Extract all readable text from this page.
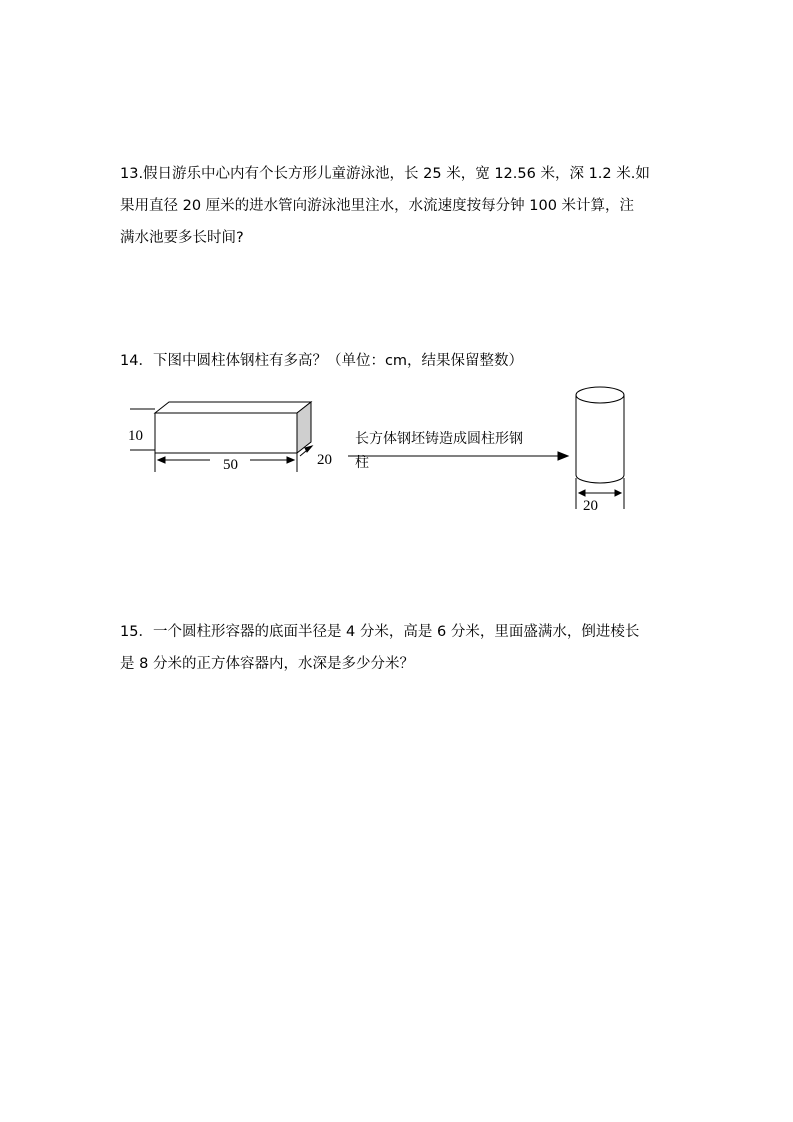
13.假日游乐中心内有个长方形儿童游泳池，长 25 米，宽 12.56 米，深 1.2 米.如

果用直径 20 厘米的进水管向游泳池里注水，水流速度按每分钟 100 米计算，注

满水池要多长时间?

14．下图中圆柱体钢柱有多高？（单位：cm，结果保留整数）

10
50	20
长方体钢坯铸造成圆柱形钢
柱
20

15．一个圆柱形容器的底面半径是 4 分米，高是 6 分米，里面盛满水，倒进棱长

是 8 分米的正方体容器内，水深是多少分米？
